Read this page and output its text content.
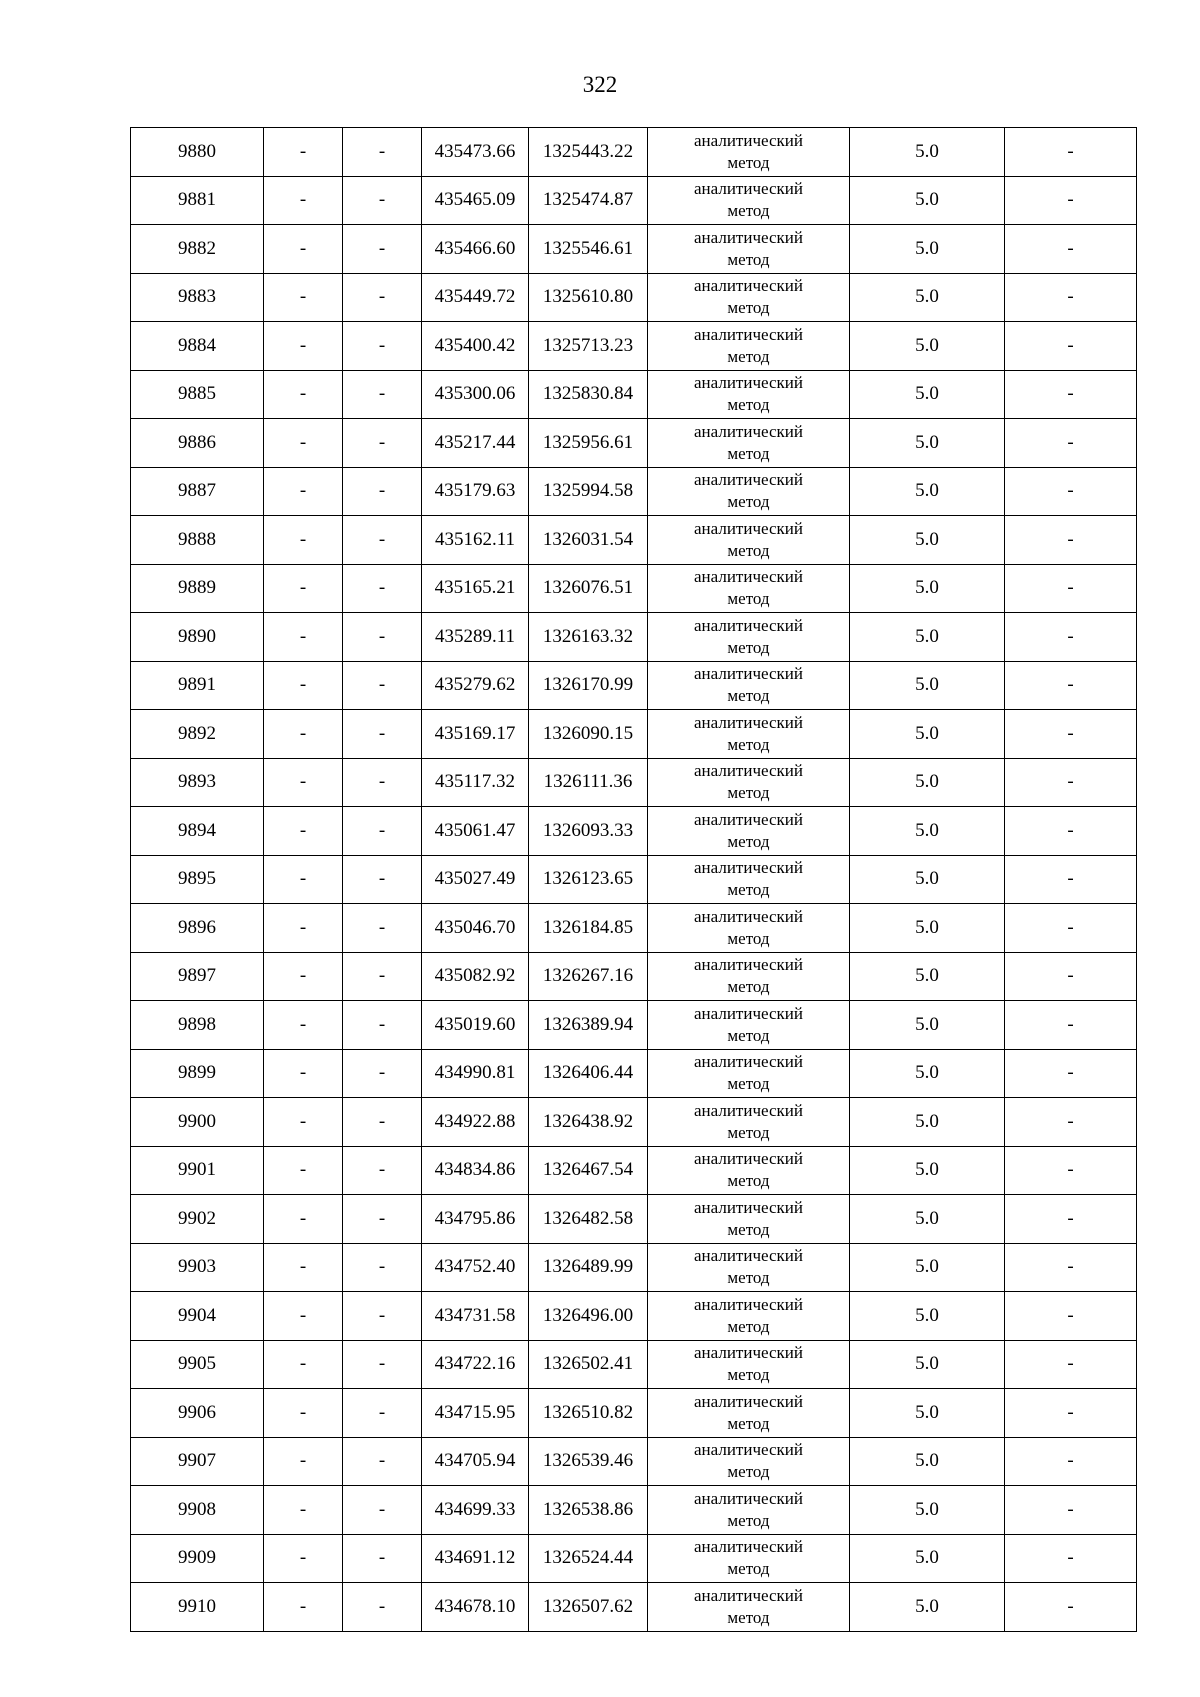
322
9880	-	-	435473.66	1325443.22	аналитический метод	5.0	-
9881	-	-	435465.09	1325474.87	аналитический метод	5.0	-
9882	-	-	435466.60	1325546.61	аналитический метод	5.0	-
9883	-	-	435449.72	1325610.80	аналитический метод	5.0	-
9884	-	-	435400.42	1325713.23	аналитический метод	5.0	-
9885	-	-	435300.06	1325830.84	аналитический метод	5.0	-
9886	-	-	435217.44	1325956.61	аналитический метод	5.0	-
9887	-	-	435179.63	1325994.58	аналитический метод	5.0	-
9888	-	-	435162.11	1326031.54	аналитический метод	5.0	-
9889	-	-	435165.21	1326076.51	аналитический метод	5.0	-
9890	-	-	435289.11	1326163.32	аналитический метод	5.0	-
9891	-	-	435279.62	1326170.99	аналитический метод	5.0	-
9892	-	-	435169.17	1326090.15	аналитический метод	5.0	-
9893	-	-	435117.32	1326111.36	аналитический метод	5.0	-
9894	-	-	435061.47	1326093.33	аналитический метод	5.0	-
9895	-	-	435027.49	1326123.65	аналитический метод	5.0	-
9896	-	-	435046.70	1326184.85	аналитический метод	5.0	-
9897	-	-	435082.92	1326267.16	аналитический метод	5.0	-
9898	-	-	435019.60	1326389.94	аналитический метод	5.0	-
9899	-	-	434990.81	1326406.44	аналитический метод	5.0	-
9900	-	-	434922.88	1326438.92	аналитический метод	5.0	-
9901	-	-	434834.86	1326467.54	аналитический метод	5.0	-
9902	-	-	434795.86	1326482.58	аналитический метод	5.0	-
9903	-	-	434752.40	1326489.99	аналитический метод	5.0	-
9904	-	-	434731.58	1326496.00	аналитический метод	5.0	-
9905	-	-	434722.16	1326502.41	аналитический метод	5.0	-
9906	-	-	434715.95	1326510.82	аналитический метод	5.0	-
9907	-	-	434705.94	1326539.46	аналитический метод	5.0	-
9908	-	-	434699.33	1326538.86	аналитический метод	5.0	-
9909	-	-	434691.12	1326524.44	аналитический метод	5.0	-
9910	-	-	434678.10	1326507.62	аналитический метод	5.0	-
